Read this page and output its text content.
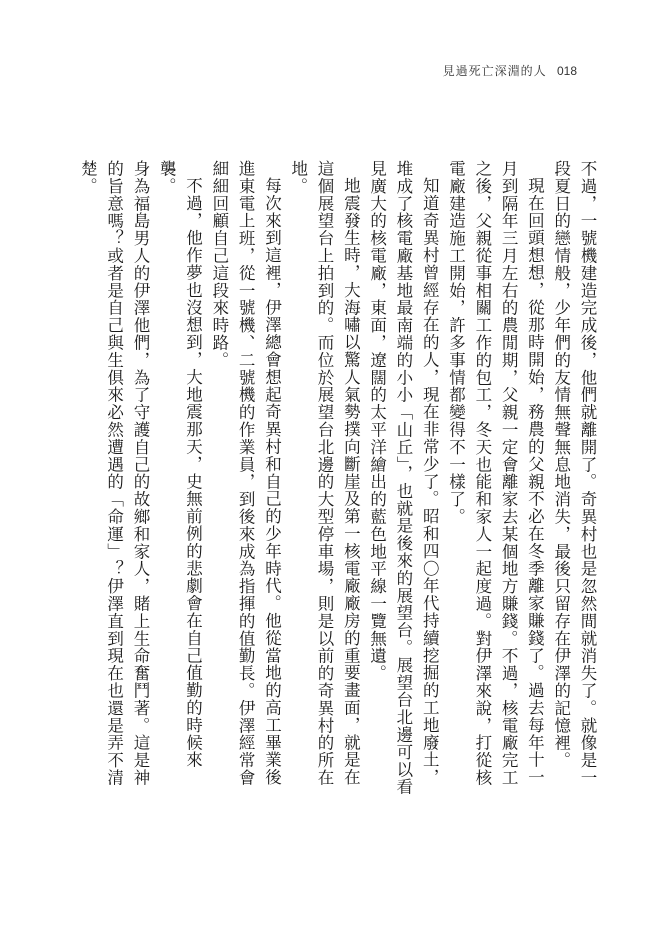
見過死亡深淵的人 018

不過，一號機建造完成後，他們就離開了。奇異村也是忽然間就消失了。就像是一段夏日的戀情般，少年們的友情無聲無息地消失，最後只留存在伊澤的記憶裡。

現在回頭想想，從那時開始，務農的父親不必在冬季離家賺錢了。過去每年十一月到隔年三月左右的農閒期，父親一定會離家去某個地方賺錢。不過，核電廠完工之後，父親從事相關工作的包工，冬天也能和家人一起度過。對伊澤來說，打從核電廠建造施工開始，許多事情都變得不一樣了。

知道奇異村曾經存在的人，現在非常少了。昭和四〇年代持續挖掘的工地廢土，堆成了核電廠基地最南端的小小「山丘」，也就是後來的展望台。展望台北邊可以看見廣大的核電廠，東面，遼闊的太平洋繪出的藍色地平線一覽無遺。

地震發生時，大海嘯以驚人氣勢撲向斷崖及第一核電廠廠房的重要畫面，就是在這個展望台上拍到的。而位於展望台北邊的大型停車場，則是以前的奇異村的所在地。

每次來到這裡，伊澤總會想起奇異村和自己的少年時代。他從當地的高工畢業後進東電上班，從一號機、二號機的作業員，到後來成為指揮的值勤長。伊澤經常會細細回顧自己這段來時路。

不過，他作夢也沒想到，大地震那天，史無前例的悲劇會在自己值勤的時候來襲。

身為福島男人的伊澤他們，為了守護自己的故鄉和家人，賭上生命奮鬥著。這是神的旨意嗎？或者是自己與生俱來必然遭遇的「命運」？伊澤直到現在也還是弄不清楚。
